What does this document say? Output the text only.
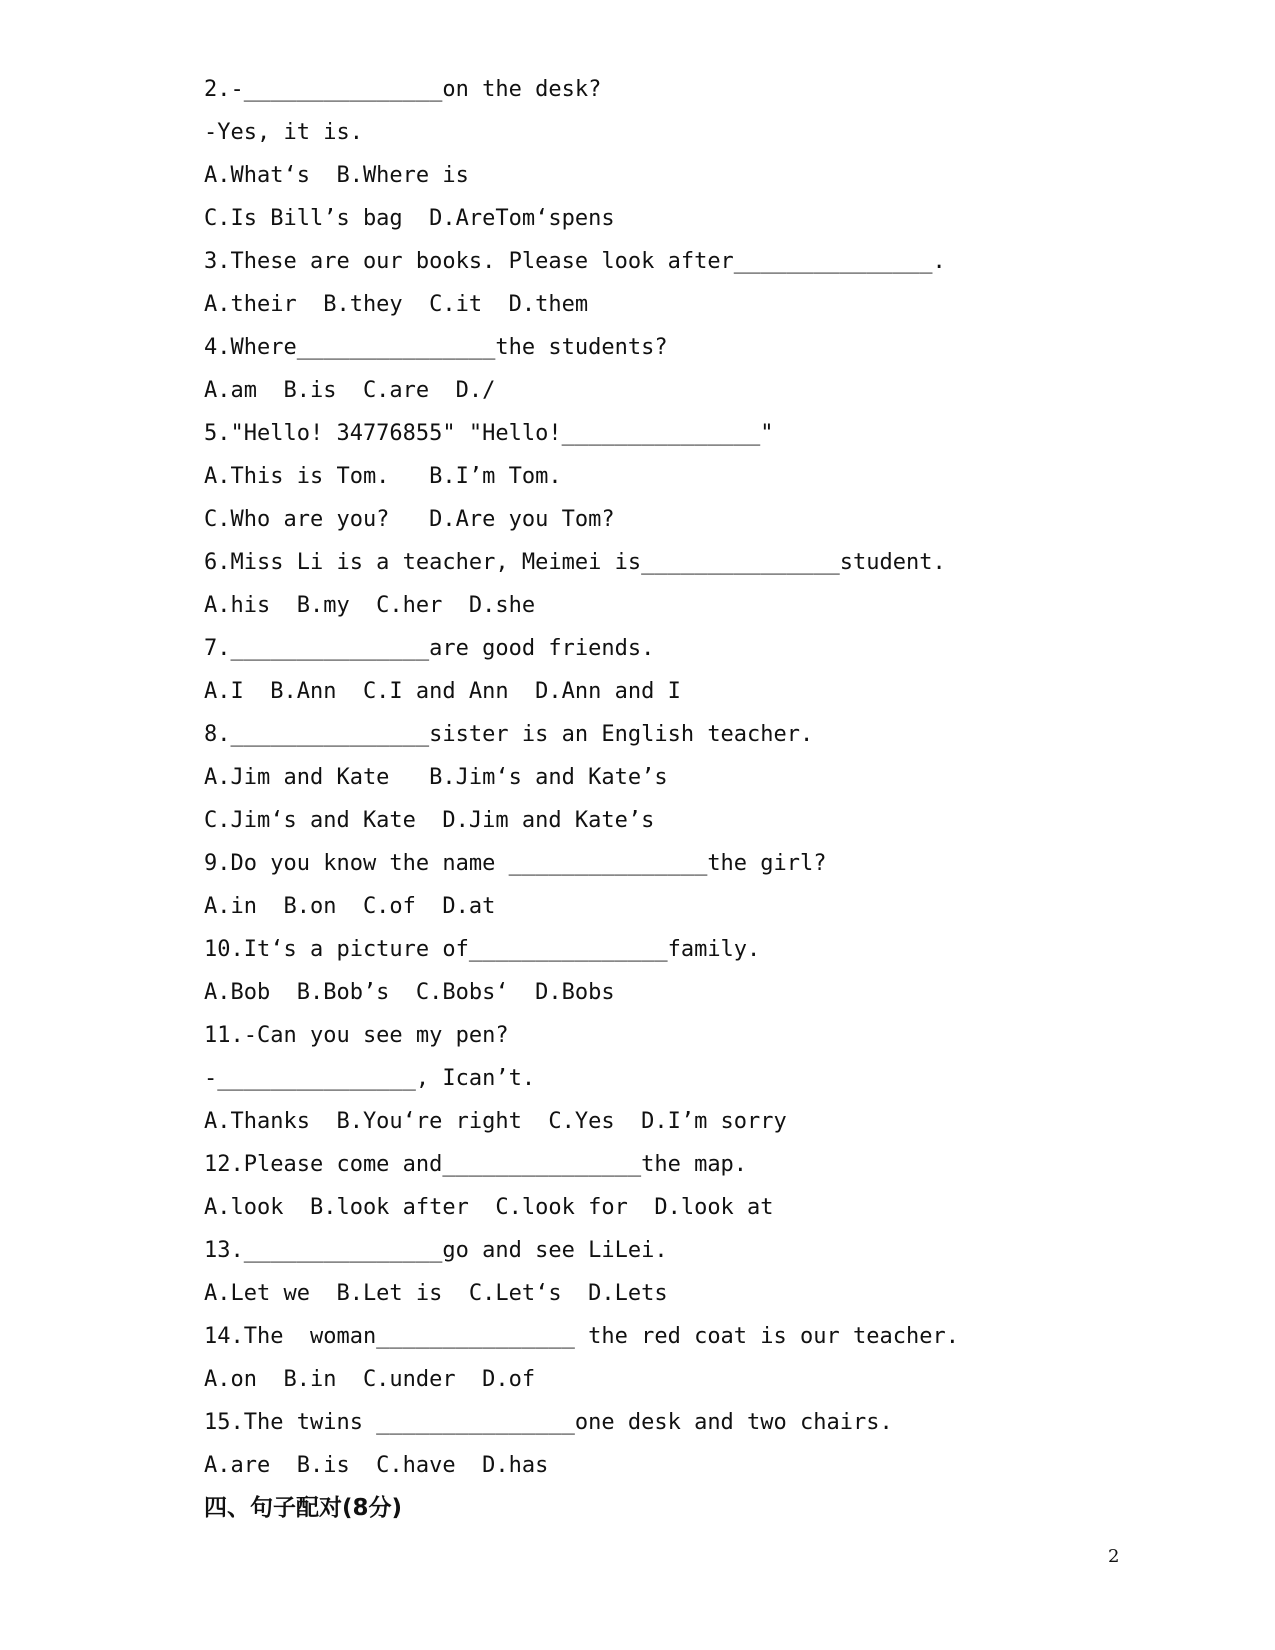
2.-_______________on the desk?
-Yes, it is.
A.What‘s  B.Where is
C.Is Bill’s bag  D.AreTom‘spens
3.These are our books. Please look after_______________.
A.their  B.they  C.it  D.them
4.Where_______________the students?
A.am  B.is  C.are  D./
5."Hello! 34776855" "Hello!_______________"
A.This is Tom.   B.I’m Tom.
C.Who are you?   D.Are you Tom?
6.Miss Li is a teacher, Meimei is_______________student.
A.his  B.my  C.her  D.she
7._______________are good friends.
A.I  B.Ann  C.I and Ann  D.Ann and I
8._______________sister is an English teacher.
A.Jim and Kate   B.Jim‘s and Kate’s
C.Jim‘s and Kate  D.Jim and Kate’s
9.Do you know the name _______________the girl?
A.in  B.on  C.of  D.at
10.It‘s a picture of_______________family.
A.Bob  B.Bob’s  C.Bobs‘  D.Bobs
11.-Can you see my pen?
-_______________, Ican’t.
A.Thanks  B.You‘re right  C.Yes  D.I’m sorry
12.Please come and_______________the map.
A.look  B.look after  C.look for  D.look at
13._______________go and see LiLei.
A.Let we  B.Let is  C.Let‘s  D.Lets
14.The  woman_______________ the red coat is our teacher.
A.on  B.in  C.under  D.of
15.The twins _______________one desk and two chairs.
A.are  B.is  C.have  D.has
四、句子配对(8分)
2
